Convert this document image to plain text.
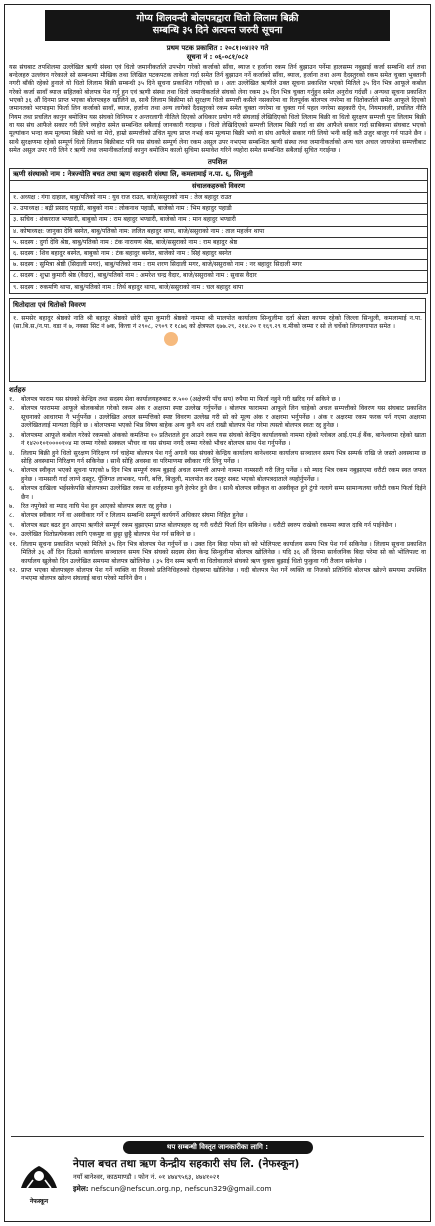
गोप्य शिलवन्दी बोलपत्रद्वारा धितो लिलाम बिक्री
सम्बन्धि ३५ दिने अत्यन्त जरुरी सूचना
प्रथम पटक प्रकाशित : २०८१।०४।२२ गते
सूचना नं : ०६-०८१/०८२

यस संघबाट तपशिलमा उल्लेखित ऋणी संस्था एवं धितो जमानीकर्तालेे उपभोग गरेको कर्जाको साँवा, ब्याज र हर्जाना रकम तिर्न बुझाउन पर्नेमा हालसम्म नबुझाई कर्जा सम्बन्धि शर्त तथा बन्देजहरु उल्लंघन गरेकाले सो सम्बन्धमा मौखिक तथा लिखित पटकपटक ताकेता गर्दा समेत तिर्न बुझाउन नर्ने कर्जाको साँवा, ब्याज, हर्जाना तथा अन्य दैदस्तुरको रकम समेत चुक्ता भुक्तानी नगरी बाँकी रहेको हुनाले यो धितो लिलाम बिक्री सम्बन्धी ३५ दिने सूचना प्रकाशित गरीएको छ । अतः उल्लेखित ऋणीले उक्त सूचना प्रकाशित भएको मितिले ३५ दिन भित्र आफूले कबोल गरेको कर्जा सावाँ ब्याज सहितको बोलपत्र पेश गर्नु हुन एवं ऋणी संस्था तथा धितो जमानीकर्ताले संघको लेना रकम ३५ दिन भित्र चुक्ता गर्नुहुन समेत अनुरोध गर्दछौं । अन्यथा सूचना प्रकाशित भएको ३६ औं दिनमा प्राप्त भएका बोलपत्रहरु खोलिने छ, साथै लिलाम बिक्रीमा सो सुरक्षण धितो सम्पत्ती कसैले नसकारेमा वा रितपूर्वक बोलपत्र नपरेमा वा धितोकर्ताले समेत आफूले दिएको जमानतको भरपाइमा फिर्ता लिन कर्जाको सावाँ, ब्याज, हर्जाना तथा अन्य लागेको दैदस्तुरको रकम समेत चुक्ता नगरेमा वा चुक्ता गर्न पहल नगरेमा सहकारी ऐन, नियमावली, प्रचलित नीति नियम तथा प्रचलित कानुन बमोजिम यस संघको विनियम र अन्तरलागी नीतिले दिएको अधिकार प्रयोग गरी संघलाई लेखिदिएको धितो लिलाम बिक्री वा धितो सुरक्षण सम्पत्ती पुनः लिलाम बिक्री वा यस संघ आफैले सकार गरी लिने व्यहोरा समेत सम्बन्धित सबैलाई जानकारी गराइन्छ । धितो लेखिदिएको सम्पत्ती लिलाम बिक्री गर्दा वा संघ आफैले सकार गर्दा साबिकमा संघबाट भएको मूल्यांकन भन्दा कम मूल्यमा बिक्री भयो वा मेरो, हाम्रो सम्पत्तीको उचित मूल्य प्राप्त नभई कम मूल्यमा बिक्री भयो वा संघ आफैले सकार गरी लियो भनी कहि कतै उजुर बाजुर गर्न पाउने छैन । साथै सुरक्षणमा रहेको सम्पूर्ण धितो लिलाम बिक्रीबाट पनि यस संघको सम्पूर्ण लेना रकम असुल उपर नभएमा सम्बन्धित ऋणी संस्था तथा जमानीकर्ताको अन्य चल अचल जायजेथा सम्पत्तीबाट समेत असुल उपर गरी लिने र ऋणी तथा जमानीकर्तालाई कानुन बमोजिम कालो सुचिमा समावेश गरिने व्यहोरा समेत सम्बन्धित सबैलाई सुचित गराईन्छ ।

तपशिल
ऋणी संस्थाको नाम : नेत्रज्योति बचत तथा ऋण सहकारी संस्था लि, कमलामाई न.पा. ६, सिन्धुली
संचालकहरुको विवरण
१. अध्यक्ष : गंगा दाहाल, बाबु/पतिको नाम : युव राज राउत, बाजे/ससुराको नाम : तेज बहादुर राउत
२. उपाध्यक्ष : बद्री प्रसाद पहाडी, बाबुको नाम : लोकनाथ पहाडी, बाजेको नाम : भिम बहादुर पहाडी
३. सचिव : शंकरराज भण्डारी, बाबुको नाम : राम बहादुर भण्डारी, बाजेको नाम : मान बहादुर भण्डारी
४. कोषाध्यक्ष: जानुका देवि बस्नेत, बाबु/पतिको नाम: ललित बहादुर थापा, बाजे/ससुराको नाम : ताल महर्जन थापा
५. सदस्य : दुर्गा देवि श्रेष्ठ, बाबु/पतिको नाम : टंक नारायण श्रेष्ठ, बाजे/ससुराको नाम : राम बहादुर श्रेष्ठ
६. सदस्य : शिव बहादुर बस्नेत, बाबुको नाम : टंक बहादुर बस्नेत, बाजेको नाम : सिहं बहादुर बस्नेत
७. सदस्य : सुमित्रा श्रेष्ठी (सिदाली मगर), बाबु/पतिको नाम : राम शरण सिदाली मगर, बाजे/ससुराको नाम : नर बहादुर सिदाली मगर
८. सदस्य : शुभ्रा कुमारी श्रेष्ठ (वैदार), बाबु/पतिको नाम : अमरेश चन्द्र वैदार, बाजे/ससुराको नाम : सुवास वैदार
९. सदस्य : रुकमणि थापा, बाबु/पतिको नाम : तिर्थ बहादुर थापा, बाजे/ससुराको नाम : चल बहादुर थापा
धितोदाता एवं धितोको विवरण
१. समसेर बहादुर श्रेष्ठको नाति श्री बहादुर श्रेष्ठको छोरी सुमा कुमारी श्रेष्ठको नाममा श्री मालपोत कार्यालय सिन्धुलीमा दर्ता श्रेस्ता कायम रहेको जिल्ला सिन्धुली, कमलामाई न.पा. (सा.बि.स./न.पा. वडा नं ७, नक्सा सिट नं ७क, कित्ता नं २९०८, २९०९ र १८७६ को क्षेत्रफल ६७७.२९, २१४.२० र १६९.२९ व.मीको जम्मा र सो ले चर्चेको लिगलगापात समेत ।
शर्तहरु
१.	बोलपत्र फाराम यस संघको केन्द्रिय तथा सदस्य सेवा कार्यालयहरुबाट रु.५०० (अक्षेरुपी पाँच सय) रुपैया मा फिर्ता नहुने गरी खरिद गर्न सकिने छ ।
२.	बोलपत्र फाराममा आफूले बोलकबोल गरेको रकम अंक र अक्षरमा स्पष्ट उल्लेख गर्नुपर्नेछ । बोलपत्र फाराममा आफूले लिन चाहेको अचल सम्पत्तीको विवरण यस संघबाट प्रकाशित सूचनाको आधारमा नै भर्नुपर्नेछ । उल्लेखित अचल सम्पत्तिको स्पष्ट विवरण उल्लेख गरी सो को मूल्य अंक र अक्षरमा भर्नुपर्नेछ । अंक र अक्षरमा रकम फरक पर्न गएमा अक्षरमा उल्लेखितलाई मान्यता दिईने छ । बोलपत्रमा भएको भिन्न विषय बाहेक अन्य कुनै थप शर्त राखी बोलपत्र पेश गरेमा त्यस्तो बोलपत्र स्वतः रद्द हुनेछ ।
३.	बोलपत्रमा आफूले कबोल गरेको रकमको अंककाे कमतिमा १० प्रतिशतले हुन आउने रकम यस संघको केन्द्रिय कार्यालयको नाममा रहेको ग्लोबल आई.एम.ई बैंक, बानेश्वरमा रहेको खाता नं १४२०१०१००००१०४ मा जम्मा गरेको सक्कल भौचर वा यस संघमा नगदै जम्मा गरेको भौचर बोलपत्र साथ पेश गर्नुपर्नेछ ।
४.	लिलाम बिक्री हुने धितो सुरक्षण निरिक्षण गर्न चाहेमा बोलपत्र पेश गर्नु अगावै यस संघको केन्द्रिय कार्यालय बानेश्वरमा कार्यालय सञ्चालन समय भित्र सम्पर्क राखि जे जस्तो अवस्थामा छ सोहि अवस्थामा निरिक्षण गर्न सकिनेछ । साथै सोहि अवस्था वा परिमाणमा स्वीकार गरि लिनु पर्नेछ ।
५.	बोलपत्र स्वीकृत भएको सूचना पाएको ७ दिन भित्र सम्पूर्ण रकम बुझाई अचल सम्पत्ती आफ्नो नाममा नामसारी गरी लिनु पर्नेछ । सो म्याद भित्र रकम नबुझाएमा धरौटी रकम स्वत जफत हुनेछ । नामसारी गर्दा लाग्ने दस्तुर, पूँजिगत लाभकर, पानी, बत्ति, बिजुली, मालपोत कर दस्तुर सबट भएको बोलपत्रदाताले व्यहोर्नुपर्नेछ ।
६.	बोलपत्र दाखिला भईसकेपछि बोलपत्रमा उल्लेखित रकम वा शर्तहरुमा कुनै हेरफेर हुने छैन । साथै बोलपत्र स्वीकृत वा अस्वीकृत हुने टुंगो नलागे सम्म सामान्यतया धरौटी रकम फिर्ता दिईने छैन ।
७.	रित नपुगेको वा म्याद नाघि पेश हुन आएको बोलपत्र स्वतः रद्द हुनेछ ।
८.	बोलपत्र स्वीकार गर्ने वा अस्वीकार गर्ने र लिलाम सम्बन्धि सम्पूर्ण कार्यगर्ने अधिकार संघमा निहित हुनेछ ।
९.	बोलपत्र बढर बढर हुन आएमा ऋणीले सम्पूर्ण रकम बुझाएमा प्राप्त बोलपत्रहरु रद्द गरी धरौटी फिर्ता दिन सकिनेछ । धरौटी स्वरुप राखेको रकममा ब्याज दाबि गर्न पाईनेछैन ।
१०. उल्लेखित धितोप्रत्येकका लागि एकमुष्ट वा छुट्टा छुट्टै बोलपत्र पेश गर्न सकिने छ ।
११. लिलाम सूचना प्रकाशित भएको मितिले ३५ दिन भित्र बोलपत्र पेश गर्नुपर्ने छ । उक्त दिन बिदा परेमा सो को भोलिपल्ट कार्यालय समय भित्र पेश गर्न सकिनेछ । लिलाम सूचना प्रकाशित मितिले ३६ औं दिन दिउसो कार्यालय सञ्चालन समय भित्र संघको सदस्य सेवा केन्द्र सिन्धुलीमा बोलपत्र खोलिनेछ । यदि ३६ औं दिनमा सार्वजनिक बिदा परेमा सो को भोलिपल्ट वा कार्यालय खुलेको दिन उल्लेखित समयमा बोलपत्र खोलिनेछ । ३५ दिन सम्म ऋणी वा धितोवालाले संघको ऋण चुक्ता बुझाई धितो फुकुवा गरी तैजान सकेनेछ ।
१२. प्राप्त भएका बोलपत्रहरु बोलपत्र पेश गर्ने व्यक्ति वा निजको प्रतिनिधिहरुको रोहबरमा खोलिनेछ । यदी बोलपत्र पेश गर्ने व्यक्ति वा निजको प्रतिनिधि बोलपत्र खोल्ने समयमा उपस्थित नभएमा बोलपत्र खोल्न संघलाई बाधा परेको मानिने छैन ।
थप सम्बन्धी विस्तृत जानकारीका लागि :
नेफस्कून
नेपाल बचत तथा ऋण केन्द्रीय सहकारी संघ लि. (नेफस्कून)
नयाँ बानेश्वर, काठमाण्डौ । फोन नं. ०१ ४७४९५६३, ४७४१०२१
इमेल: nefscun@nefscun.org.np, nefscun329@gmail.com
